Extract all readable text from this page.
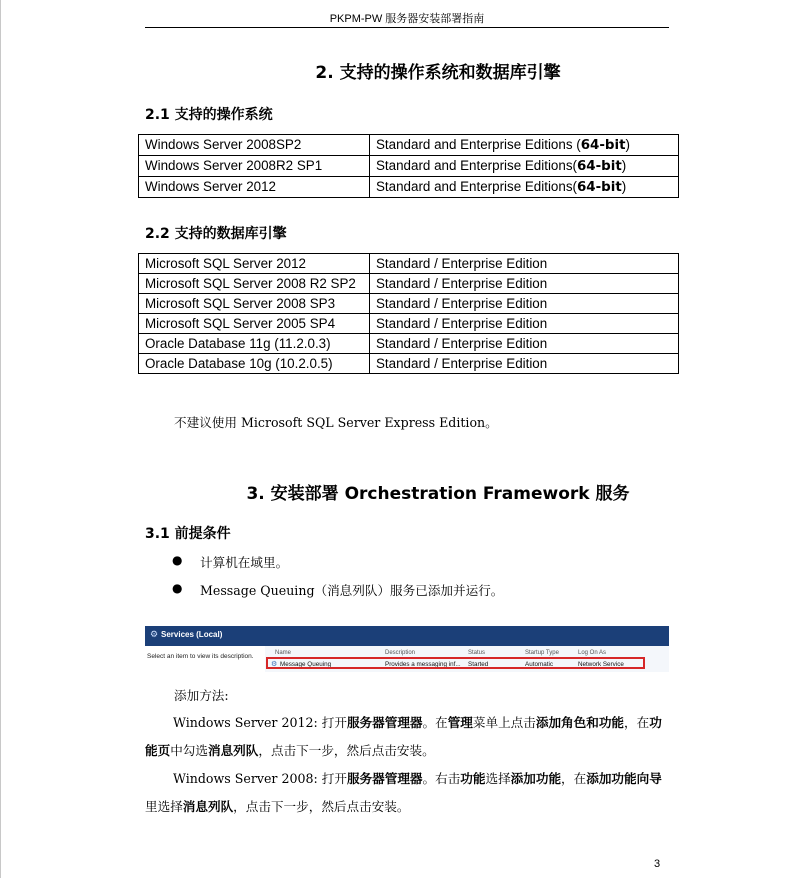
PKPM-PW 服务器安装部署指南
2. 支持的操作系统和数据库引擎
2.1 支持的操作系统
Windows Server 2008SP2	Standard and Enterprise Editions (64-bit)
Windows Server 2008R2 SP1	Standard and Enterprise Editions(64-bit)
Windows Server 2012	Standard and Enterprise Editions(64-bit)
2.2 支持的数据库引擎
Microsoft SQL Server 2012	Standard / Enterprise Edition
Microsoft SQL Server 2008 R2 SP2	Standard / Enterprise Edition
Microsoft SQL Server 2008 SP3	Standard / Enterprise Edition
Microsoft SQL Server 2005 SP4	Standard / Enterprise Edition
Oracle Database 11g (11.2.0.3)	Standard / Enterprise Edition
Oracle Database 10g (10.2.0.5)	Standard / Enterprise Edition
不建议使用 Microsoft SQL Server Express Edition。
3. 安装部署 Orchestration Framework 服务
3.1 前提条件
● 计算机在域里。
● Message Queuing（消息列队）服务已添加并运行。
⚙ Services (Local)
Select an item to view its description.	Name	Description	Status	Startup Type	Log On As
⚙ Message Queuing	Provides a messaging inf... Started	Automatic	Network Service
添加方法:
Windows Server 2012: 打开服务器管理器。在管理菜单上点击添加角色和功能，在功能页中勾选消息列队，点击下一步，然后点击安装。
Windows Server 2008: 打开服务器管理器。右击功能选择添加功能，在添加功能向导里选择消息列队，点击下一步，然后点击安装。
3
